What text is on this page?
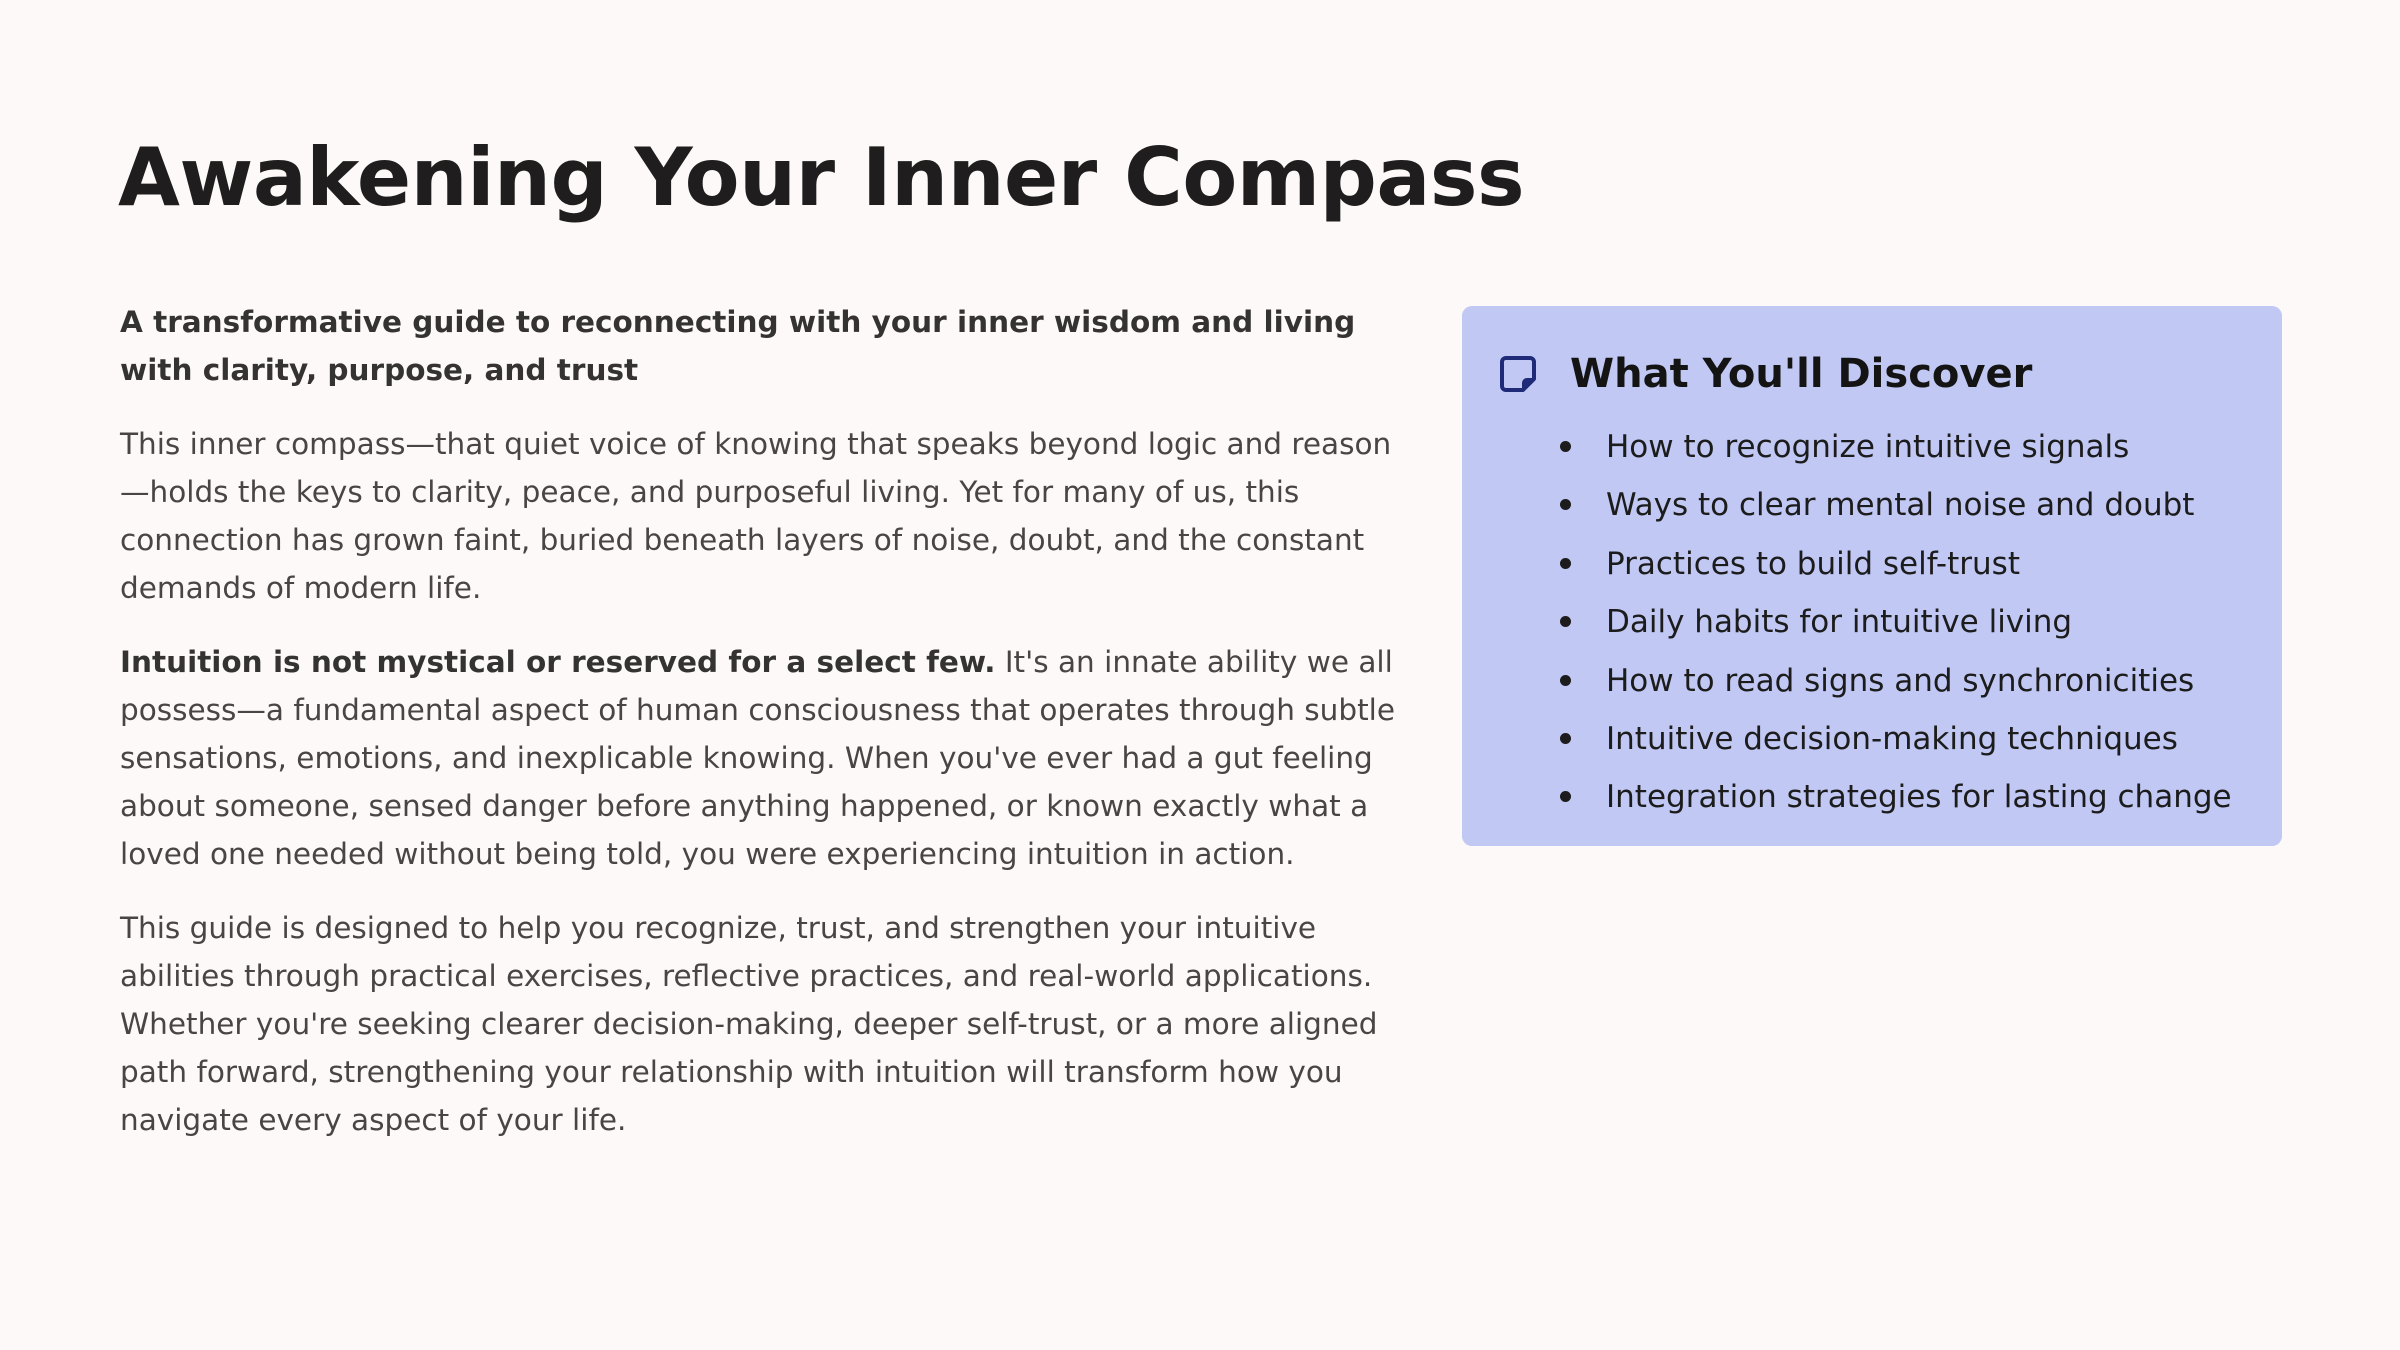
Awakening Your Inner Compass

A transformative guide to reconnecting with your inner wisdom and living with clarity, purpose, and trust

This inner compass—that quiet voice of knowing that speaks beyond logic and reason—holds the keys to clarity, peace, and purposeful living. Yet for many of us, this connection has grown faint, buried beneath layers of noise, doubt, and the constant demands of modern life.

Intuition is not mystical or reserved for a select few. It's an innate ability we all possess—a fundamental aspect of human consciousness that operates through subtle sensations, emotions, and inexplicable knowing. When you've ever had a gut feeling about someone, sensed danger before anything happened, or known exactly what a loved one needed without being told, you were experiencing intuition in action.

This guide is designed to help you recognize, trust, and strengthen your intuitive abilities through practical exercises, reflective practices, and real-world applications. Whether you're seeking clearer decision-making, deeper self-trust, or a more aligned path forward, strengthening your relationship with intuition will transform how you navigate every aspect of your life.

What You'll Discover
How to recognize intuitive signals
Ways to clear mental noise and doubt
Practices to build self-trust
Daily habits for intuitive living
How to read signs and synchronicities
Intuitive decision-making techniques
Integration strategies for lasting change
